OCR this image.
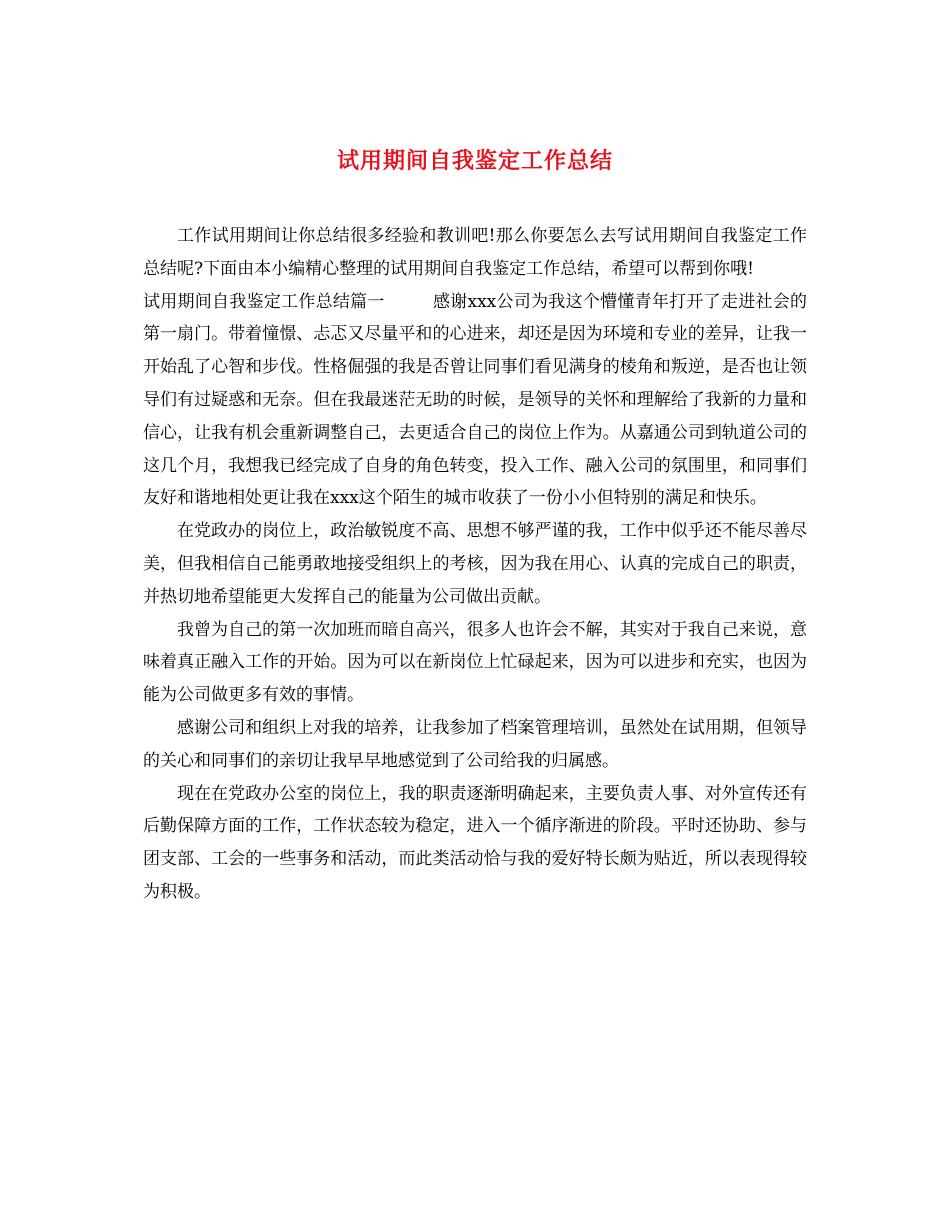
试用期间自我鉴定工作总结

工作试用期间让你总结很多经验和教训吧!那么你要怎么去写试用期间自我鉴定工作总结呢?下面由本小编精心整理的试用期间自我鉴定工作总结，希望可以帮到你哦!

试用期间自我鉴定工作总结篇一	感谢xxx公司为我这个懵懂青年打开了走进社会的第一扇门。带着憧憬、忐忑又尽量平和的心进来，却还是因为环境和专业的差异，让我一开始乱了心智和步伐。性格倔强的我是否曾让同事们看见满身的棱角和叛逆，是否也让领导们有过疑惑和无奈。但在我最迷茫无助的时候，是领导的关怀和理解给了我新的力量和信心，让我有机会重新调整自己，去更适合自己的岗位上作为。从嘉通公司到轨道公司的这几个月，我想我已经完成了自身的角色转变，投入工作、融入公司的氛围里，和同事们友好和谐地相处更让我在xxx这个陌生的城市收获了一份小小但特别的满足和快乐。

在党政办的岗位上，政治敏锐度不高、思想不够严谨的我，工作中似乎还不能尽善尽美，但我相信自己能勇敢地接受组织上的考核，因为我在用心、认真的完成自己的职责，并热切地希望能更大发挥自己的能量为公司做出贡献。

我曾为自己的第一次加班而暗自高兴，很多人也许会不解，其实对于我自己来说，意味着真正融入工作的开始。因为可以在新岗位上忙碌起来，因为可以进步和充实，也因为能为公司做更多有效的事情。

感谢公司和组织上对我的培养，让我参加了档案管理培训，虽然处在试用期，但领导的关心和同事们的亲切让我早早地感觉到了公司给我的归属感。

现在在党政办公室的岗位上，我的职责逐渐明确起来，主要负责人事、对外宣传还有后勤保障方面的工作，工作状态较为稳定，进入一个循序渐进的阶段。平时还协助、参与团支部、工会的一些事务和活动，而此类活动恰与我的爱好特长颇为贴近，所以表现得较为积极。
